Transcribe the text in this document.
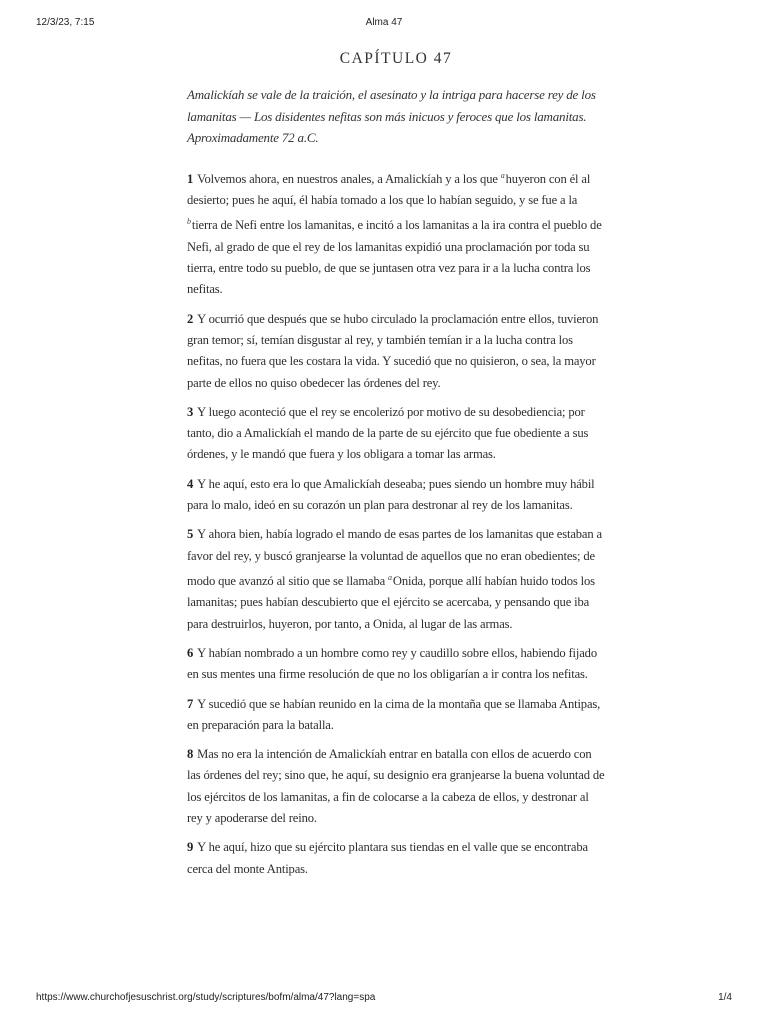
12/3/23, 7:15	Alma 47
CAPÍTULO 47

Amalickíah se vale de la traición, el asesinato y la intriga para hacerse rey de los lamanitas — Los disidentes nefitas son más inicuos y feroces que los lamanitas. Aproximadamente 72 a.C.

1 Volvemos ahora, en nuestros anales, a Amalickíah y a los que $^a$huyeron con él al desierto; pues he aquí, él había tomado a los que lo habían seguido, y se fue a la $^b$tierra de Nefi entre los lamanitas, e incitó a los lamanitas a la ira contra el pueblo de Nefi, al grado de que el rey de los lamanitas expidió una proclamación por toda su tierra, entre todo su pueblo, de que se juntasen otra vez para ir a la lucha contra los nefitas.

2 Y ocurrió que después que se hubo circulado la proclamación entre ellos, tuvieron gran temor; sí, temían disgustar al rey, y también temían ir a la lucha contra los nefitas, no fuera que les costara la vida. Y sucedió que no quisieron, o sea, la mayor parte de ellos no quiso obedecer las órdenes del rey.

3 Y luego aconteció que el rey se encolerizó por motivo de su desobediencia; por tanto, dio a Amalickíah el mando de la parte de su ejército que fue obediente a sus órdenes, y le mandó que fuera y los obligara a tomar las armas.

4 Y he aquí, esto era lo que Amalickíah deseaba; pues siendo un hombre muy hábil para lo malo, ideó en su corazón un plan para destronar al rey de los lamanitas.

5 Y ahora bien, había logrado el mando de esas partes de los lamanitas que estaban a favor del rey, y buscó granjearse la voluntad de aquellos que no eran obedientes; de modo que avanzó al sitio que se llamaba $^a$Onida, porque allí habían huido todos los lamanitas; pues habían descubierto que el ejército se acercaba, y pensando que iba para destruirlos, huyeron, por tanto, a Onida, al lugar de las armas.

6 Y habían nombrado a un hombre como rey y caudillo sobre ellos, habiendo fijado en sus mentes una firme resolución de que no los obligarían a ir contra los nefitas.

7 Y sucedió que se habían reunido en la cima de la montaña que se llamaba Antipas, en preparación para la batalla.

8 Mas no era la intención de Amalickíah entrar en batalla con ellos de acuerdo con las órdenes del rey; sino que, he aquí, su designio era granjearse la buena voluntad de los ejércitos de los lamanitas, a fin de colocarse a la cabeza de ellos, y destronar al rey y apoderarse del reino.

9 Y he aquí, hizo que su ejército plantara sus tiendas en el valle que se encontraba cerca del monte Antipas.

https://www.churchofjesuschrist.org/study/scriptures/bofm/alma/47?lang=spa	1/4
